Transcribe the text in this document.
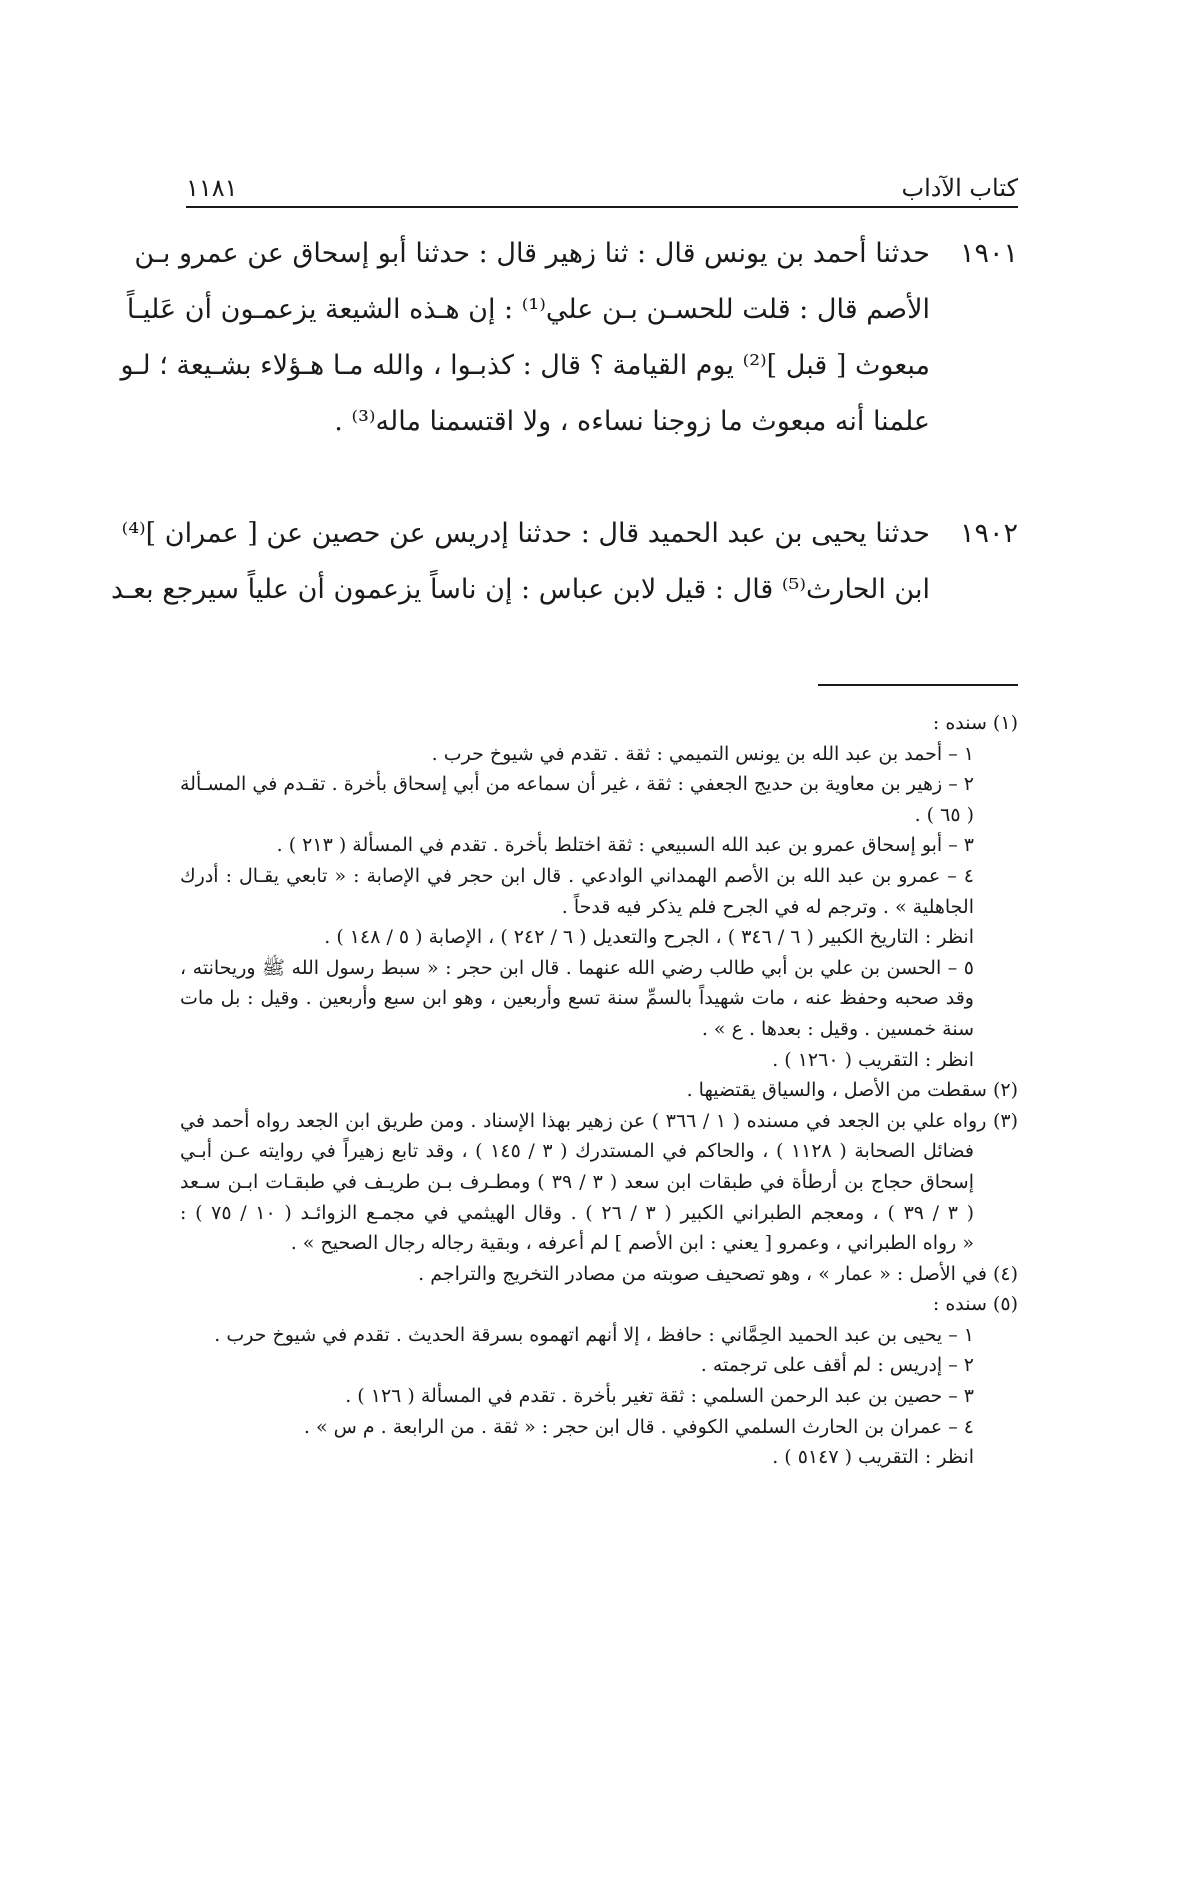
كتاب الآداب
١١٨١
١٩٠١
حدثنا أحمد بن يونس قال : ثنا زهير قال : حدثنا أبو إسحاق عن عمرو بـن
الأصم قال : قلت للحسـن بـن علي⁽¹⁾ : إن هـذه الشيعة يزعمـون أن عَليـاً
مبعوث [ قبل ]⁽²⁾ يوم القيامة ؟ قال : كذبـوا ، والله مـا هـؤلاء بشـيعة ؛ لـو
علمنا أنه مبعوث ما زوجنا نساءه ، ولا اقتسمنا ماله⁽³⁾ .
١٩٠٢
حدثنا يحيى بن عبد الحميد قال : حدثنا إدريس عن حصين عن [ عمران ]⁽⁴⁾
ابن الحارث⁽⁵⁾ قال : قيل لابن عباس : إن ناساً يزعمون أن علياً سيرجع بعـد
(١) سنده :
١ – أحمد بن عبد الله بن يونس التميمي : ثقة . تقدم في شيوخ حرب .
٢ – زهير بن معاوية بن حديج الجعفي : ثقة ، غير أن سماعه من أبي إسحاق بأخرة . تقـدم في المسـألة
( ٦٥ ) .
٣ – أبو إسحاق عمرو بن عبد الله السبيعي : ثقة اختلط بأخرة . تقدم في المسألة ( ٢١٣ ) .
٤ – عمرو بن عبد الله بن الأصم الهمداني الوادعي . قال ابن حجر في الإصابة : « تابعي يقـال : أدرك
الجاهلية » . وترجم له في الجرح فلم يذكر فيه قدحاً .
انظر : التاريخ الكبير ( ٦ / ٣٤٦ ) ، الجرح والتعديل ( ٦ / ٢٤٢ ) ، الإصابة ( ٥ / ١٤٨ ) .
٥ – الحسن بن علي بن أبي طالب رضي الله عنهما . قال ابن حجر : « سبط رسول الله ﷺ وريحانته ،
وقد صحبه وحفظ عنه ، مات شهيداً بالسمِّ سنة تسع وأربعين ، وهو ابن سبع وأربعين . وقيل : بل مات
سنة خمسين . وقيل : بعدها . ع » .
انظر : التقريب ( ١٢٦٠ ) .
(٢) سقطت من الأصل ، والسياق يقتضيها .
(٣) رواه علي بن الجعد في مسنده ( ١ / ٣٦٦ ) عن زهير بهذا الإسناد . ومن طريق ابن الجعد رواه أحمد في
فضائل الصحابة ( ١١٢٨ ) ، والحاكم في المستدرك ( ٣ / ١٤٥ ) ، وقد تابع زهيراً في روايته عـن أبـي
إسحاق حجاج بن أرطأة في طبقات ابن سعد ( ٣ / ٣٩ ) ومطـرف بـن طريـف في طبقـات ابـن سـعد
( ٣ / ٣٩ ) ، ومعجم الطبراني الكبير ( ٣ / ٢٦ ) . وقال الهيثمي في مجمـع الزوائـد ( ١٠ / ٧٥ ) :
« رواه الطبراني ، وعمرو [ يعني : ابن الأصم ] لم أعرفه ، وبقية رجاله رجال الصحيح » .
(٤) في الأصل : « عمار » ، وهو تصحيف صوبته من مصادر التخريج والتراجم .
(٥) سنده :
١ – يحيى بن عبد الحميد الحِمَّاني : حافظ ، إلا أنهم اتهموه بسرقة الحديث . تقدم في شيوخ حرب .
٢ – إدريس : لم أقف على ترجمته .
٣ – حصين بن عبد الرحمن السلمي : ثقة تغير بأخرة . تقدم في المسألة ( ١٢٦ ) .
٤ – عمران بن الحارث السلمي الكوفي . قال ابن حجر : « ثقة . من الرابعة . م س » .
انظر : التقريب ( ٥١٤٧ ) .
